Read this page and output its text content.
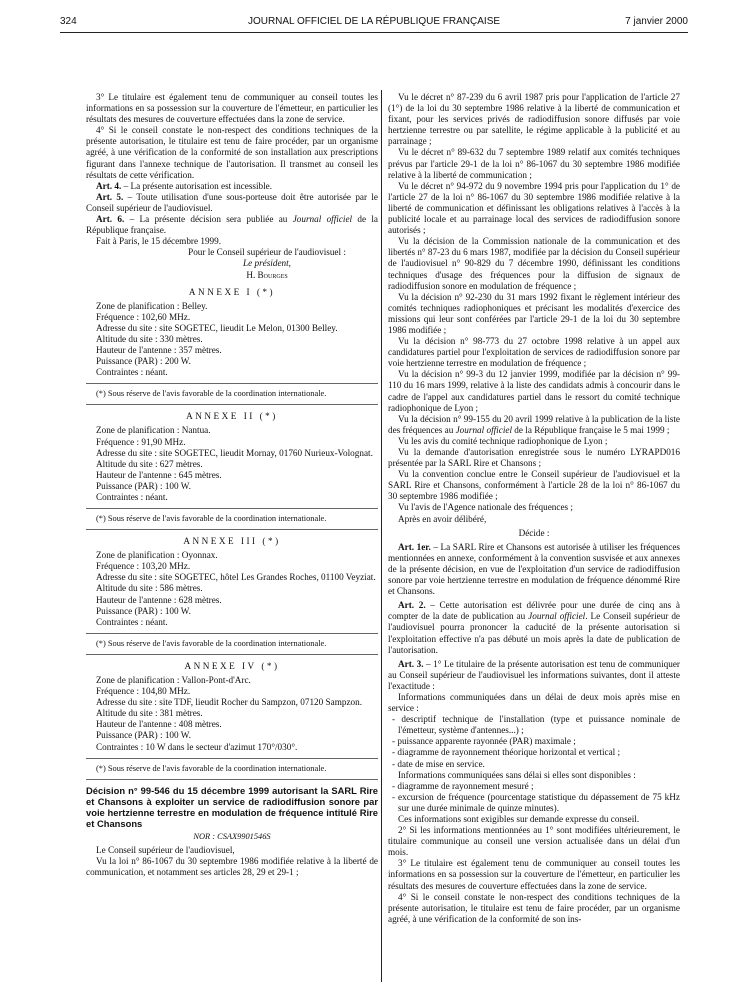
324	JOURNAL OFFICIEL DE LA RÉPUBLIQUE FRANÇAISE	7 janvier 2000

3° Le titulaire est également tenu de communiquer au conseil toutes les informations en sa possession sur la couverture de l'émetteur, en particulier les résultats des mesures de couverture effectuées dans la zone de service.

4° Si le conseil constate le non-respect des conditions techniques de la présente autorisation, le titulaire est tenu de faire procéder, par un organisme agréé, à une vérification de la conformité de son installation aux prescriptions figurant dans l'annexe technique de l'autorisation. Il transmet au conseil les résultats de cette vérification.

Art. 4. – La présente autorisation est incessible.

Art. 5. – Toute utilisation d'une sous-porteuse doit être autorisée par le Conseil supérieur de l'audiovisuel.

Art. 6. – La présente décision sera publiée au Journal officiel de la République française.

Fait à Paris, le 15 décembre 1999.

Pour le Conseil supérieur de l'audiovisuel :

Le président,

H. Bourges

ANNEXE I (*)

Zone de planification : Belley.

Fréquence : 102,60 MHz.

Adresse du site : site SOGETEC, lieudit Le Melon, 01300 Belley.

Altitude du site : 330 mètres.

Hauteur de l'antenne : 357 mètres.

Puissance (PAR) : 200 W.

Contraintes : néant.

(*) Sous réserve de l'avis favorable de la coordination internationale.

ANNEXE II (*)

Zone de planification : Nantua.

Fréquence : 91,90 MHz.

Adresse du site : site SOGETEC, lieudit Mornay, 01760 Nurieux-Volognat.

Altitude du site : 627 mètres.

Hauteur de l'antenne : 645 mètres.

Puissance (PAR) : 100 W.

Contraintes : néant.

(*) Sous réserve de l'avis favorable de la coordination internationale.

ANNEXE III (*)

Zone de planification : Oyonnax.

Fréquence : 103,20 MHz.

Adresse du site : site SOGETEC, hôtel Les Grandes Roches, 01100 Veyziat.

Altitude du site : 586 mètres.

Hauteur de l'antenne : 628 mètres.

Puissance (PAR) : 100 W.

Contraintes : néant.

(*) Sous réserve de l'avis favorable de la coordination internationale.

ANNEXE IV (*)

Zone de planification : Vallon-Pont-d'Arc.

Fréquence : 104,80 MHz.

Adresse du site : site TDF, lieudit Rocher du Sampzon, 07120 Sampzon.

Altitude du site : 381 mètres.

Hauteur de l'antenne : 408 mètres.

Puissance (PAR) : 100 W.

Contraintes : 10 W dans le secteur d'azimut 170°/030°.

(*) Sous réserve de l'avis favorable de la coordination internationale.

Décision n° 99-546 du 15 décembre 1999 autorisant la SARL Rire et Chansons à exploiter un service de radiodiffusion sonore par voie hertzienne terrestre en modulation de fréquence intitulé Rire et Chansons

NOR : CSAX9901546S

Le Conseil supérieur de l'audiovisuel,

Vu la loi n° 86-1067 du 30 septembre 1986 modifiée relative à la liberté de communication, et notamment ses articles 28, 29 et 29-1 ;

Vu le décret n° 87-239 du 6 avril 1987 pris pour l'application de l'article 27 (1°) de la loi du 30 septembre 1986 relative à la liberté de communication et fixant, pour les services privés de radiodiffusion sonore diffusés par voie hertzienne terrestre ou par satellite, le régime applicable à la publicité et au parrainage ;

Vu le décret n° 89-632 du 7 septembre 1989 relatif aux comités techniques prévus par l'article 29-1 de la loi n° 86-1067 du 30 septembre 1986 modifiée relative à la liberté de communication ;

Vu le décret n° 94-972 du 9 novembre 1994 pris pour l'application du 1° de l'article 27 de la loi n° 86-1067 du 30 septembre 1986 modifiée relative à la liberté de communication et définissant les obligations relatives à l'accès à la publicité locale et au parrainage local des services de radiodiffusion sonore autorisés ;

Vu la décision de la Commission nationale de la communication et des libertés n° 87-23 du 6 mars 1987, modifiée par la décision du Conseil supérieur de l'audiovisuel n° 90-829 du 7 décembre 1990, définissant les conditions techniques d'usage des fréquences pour la diffusion de signaux de radiodiffusion sonore en modulation de fréquence ;

Vu la décision n° 92-230 du 31 mars 1992 fixant le règlement intérieur des comités techniques radiophoniques et précisant les modalités d'exercice des missions qui leur sont conférées par l'article 29-1 de la loi du 30 septembre 1986 modifiée ;

Vu la décision n° 98-773 du 27 octobre 1998 relative à un appel aux candidatures partiel pour l'exploitation de services de radiodiffusion sonore par voie hertzienne terrestre en modulation de fréquence ;

Vu la décision n° 99-3 du 12 janvier 1999, modifiée par la décision n° 99-110 du 16 mars 1999, relative à la liste des candidats admis à concourir dans le cadre de l'appel aux candidatures partiel dans le ressort du comité technique radiophonique de Lyon ;

Vu la décision n° 99-155 du 20 avril 1999 relative à la publication de la liste des fréquences au Journal officiel de la République française le 5 mai 1999 ;

Vu les avis du comité technique radiophonique de Lyon ;

Vu la demande d'autorisation enregistrée sous le numéro LYRAPD016 présentée par la SARL Rire et Chansons ;

Vu la convention conclue entre le Conseil supérieur de l'audiovisuel et la SARL Rire et Chansons, conformément à l'article 28 de la loi n° 86-1067 du 30 septembre 1986 modifiée ;

Vu l'avis de l'Agence nationale des fréquences ;

Après en avoir délibéré,

Décide :

Art. 1er. – La SARL Rire et Chansons est autorisée à utiliser les fréquences mentionnées en annexe, conformément à la convention susvisée et aux annexes de la présente décision, en vue de l'exploitation d'un service de radiodiffusion sonore par voie hertzienne terrestre en modulation de fréquence dénommé Rire et Chansons.

Art. 2. – Cette autorisation est délivrée pour une durée de cinq ans à compter de la date de publication au Journal officiel. Le Conseil supérieur de l'audiovisuel pourra prononcer la caducité de la présente autorisation si l'exploitation effective n'a pas débuté un mois après la date de publication de l'autorisation.

Art. 3. – 1° Le titulaire de la présente autorisation est tenu de communiquer au Conseil supérieur de l'audiovisuel les informations suivantes, dont il atteste l'exactitude :

Informations communiquées dans un délai de deux mois après mise en service :

- descriptif technique de l'installation (type et puissance nominale de l'émetteur, système d'antennes...) ;
- puissance apparente rayonnée (PAR) maximale ;
- diagramme de rayonnement théorique horizontal et vertical ;
- date de mise en service.

Informations communiquées sans délai si elles sont disponibles :

- diagramme de rayonnement mesuré ;
- excursion de fréquence (pourcentage statistique du dépassement de 75 kHz sur une durée minimale de quinze minutes).

Ces informations sont exigibles sur demande expresse du conseil.

2° Si les informations mentionnées au 1° sont modifiées ultérieurement, le titulaire communique au conseil une version actualisée dans un délai d'un mois.

3° Le titulaire est également tenu de communiquer au conseil toutes les informations en sa possession sur la couverture de l'émetteur, en particulier les résultats des mesures de couverture effectuées dans la zone de service.

4° Si le conseil constate le non-respect des conditions techniques de la présente autorisation, le titulaire est tenu de faire procéder, par un organisme agréé, à une vérification de la conformité de son ins-
